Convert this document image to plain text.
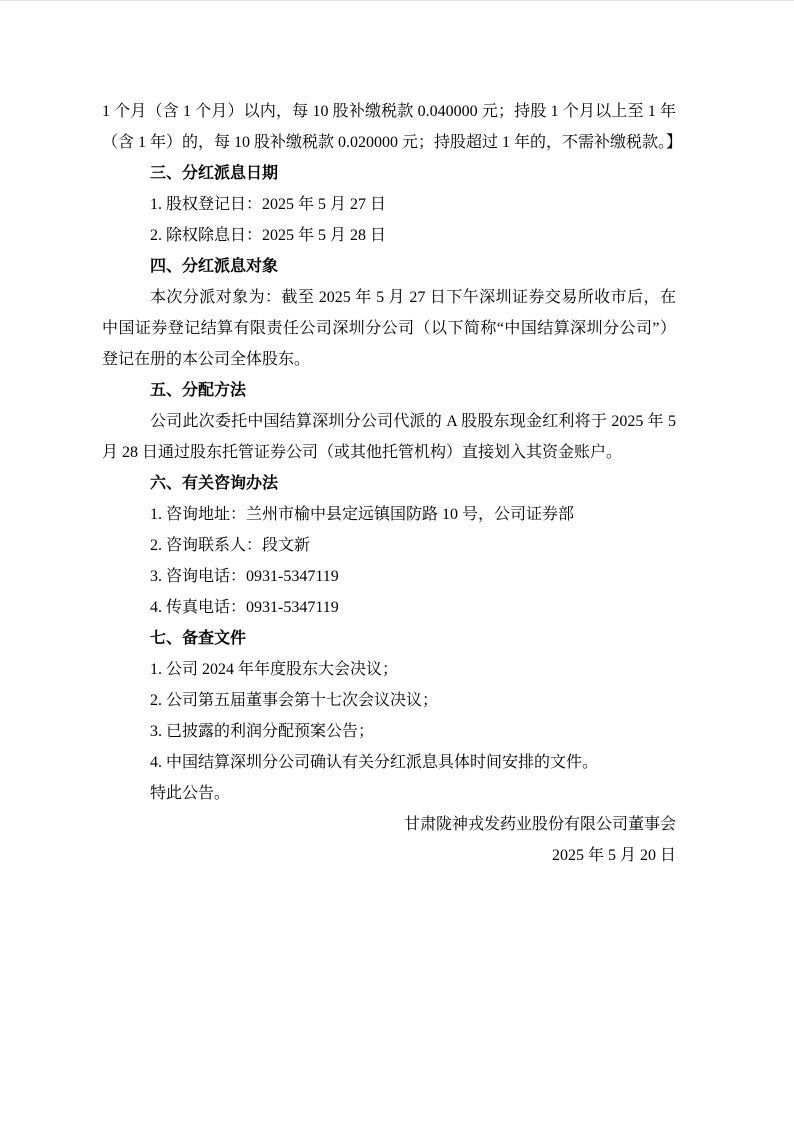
1 个月（含 1 个月）以内，每 10 股补缴税款 0.040000 元；持股 1 个月以上至 1 年（含 1 年）的，每 10 股补缴税款 0.020000 元；持股超过 1 年的，不需补缴税款。】

三、分红派息日期

1. 股权登记日：2025 年 5 月 27 日

2. 除权除息日：2025 年 5 月 28 日

四、分红派息对象

本次分派对象为：截至 2025 年 5 月 27 日下午深圳证券交易所收市后，在中国证券登记结算有限责任公司深圳分公司（以下简称“中国结算深圳分公司”）登记在册的本公司全体股东。

五、分配方法

公司此次委托中国结算深圳分公司代派的 A 股股东现金红利将于 2025 年 5 月 28 日通过股东托管证券公司（或其他托管机构）直接划入其资金账户。

六、有关咨询办法

1. 咨询地址：兰州市榆中县定远镇国防路 10 号，公司证券部

2. 咨询联系人：段文新

3. 咨询电话：0931-5347119

4. 传真电话：0931-5347119

七、备查文件

1. 公司 2024 年年度股东大会决议；

2. 公司第五届董事会第十七次会议决议；

3. 已披露的利润分配预案公告；

4. 中国结算深圳分公司确认有关分红派息具体时间安排的文件。

特此公告。

甘肃陇神戎发药业股份有限公司董事会

2025 年 5 月 20 日
